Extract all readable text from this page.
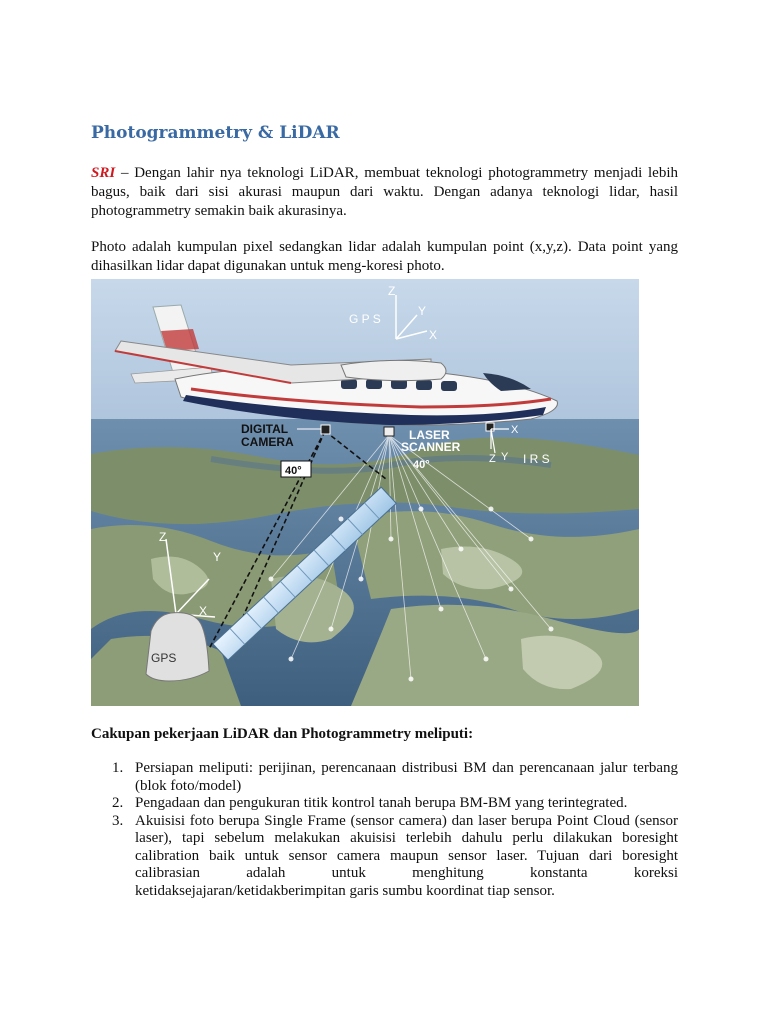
Photogrammetry & LiDAR

SRI – Dengan lahir nya teknologi LiDAR, membuat teknologi photogrammetry menjadi lebih bagus, baik dari sisi akurasi maupun dari waktu. Dengan adanya teknologi lidar, hasil photogrammetry semakin baik akurasinya.

Photo adalah kumpulan pixel sedangkan lidar adalah kumpulan point (x,y,z). Data point yang dihasilkan lidar dapat digunakan untuk meng-koresi photo.

Z
Y
X
G P S
DIGITAL
CAMERA
40°
LASER
SCANNER
40°
X
Z Y I R S
GPS
Z
Y
X

Cakupan pekerjaan LiDAR dan Photogrammetry meliputi:

1. Persiapan meliputi: perijinan, perencanaan distribusi BM dan perencanaan jalur terbang (blok foto/model)
2. Pengadaan dan pengukuran titik kontrol tanah berupa BM-BM yang terintegrated.
3. Akuisisi foto berupa Single Frame (sensor camera) dan laser berupa Point Cloud (sensor laser), tapi sebelum melakukan akuisisi terlebih dahulu perlu dilakukan boresight calibration baik untuk sensor camera maupun sensor laser. Tujuan dari boresight calibrasian adalah untuk menghitung konstanta koreksi ketidaksejajaran/ketidakberimpitan garis sumbu koordinat tiap sensor.
